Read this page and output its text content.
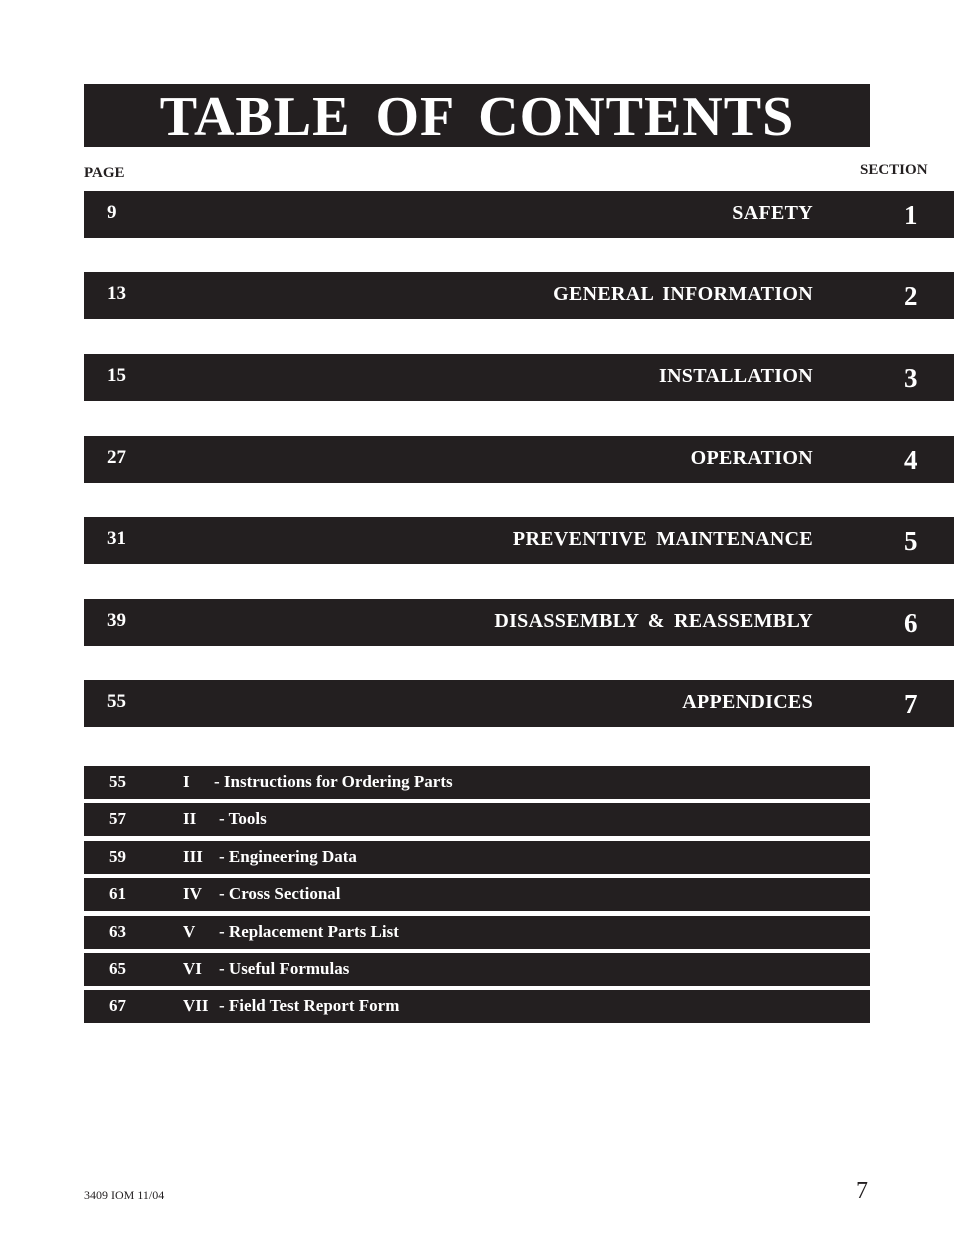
TABLE OF CONTENTS
PAGE	SECTION
9	SAFETY	1
13	GENERAL INFORMATION	2
15	INSTALLATION	3
27	OPERATION	4
31	PREVENTIVE MAINTENANCE	5
39	DISASSEMBLY & REASSEMBLY	6
55	APPENDICES	7
55	I - Instructions for Ordering Parts
57	II - Tools
59	III - Engineering Data
61	IV - Cross Sectional
63	V - Replacement Parts List
65	VI - Useful Formulas
67	VII - Field Test Report Form
3409 IOM 11/04	7
